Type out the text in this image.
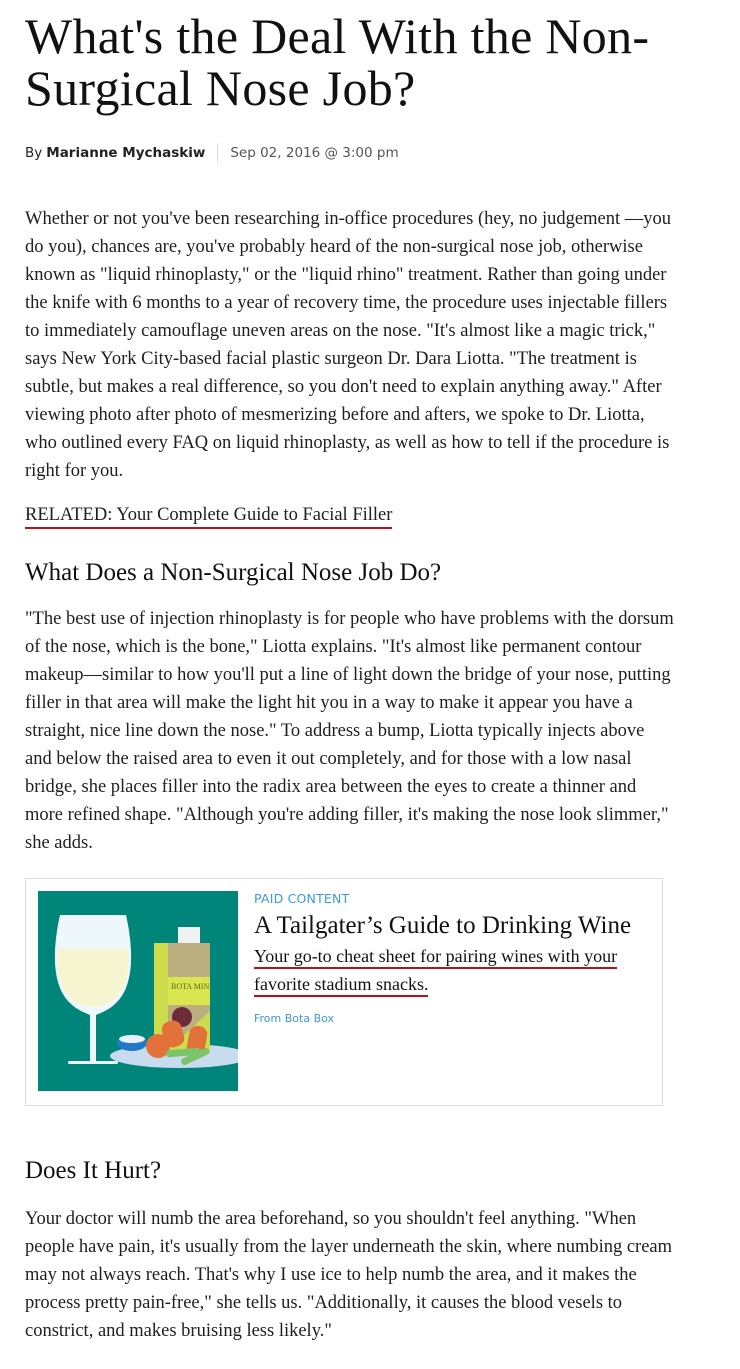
What's the Deal With the Non-Surgical Nose Job?
By Marianne Mychaskiw Sep 02, 2016 @ 3:00 pm

Whether or not you've been researching in-office procedures (hey, no judgement —you do you), chances are, you've probably heard of the non-surgical nose job, otherwise known as "liquid rhinoplasty," or the "liquid rhino" treatment. Rather than going under the knife with 6 months to a year of recovery time, the procedure uses injectable fillers to immediately camouflage uneven areas on the nose. "It's almost like a magic trick," says New York City-based facial plastic surgeon Dr. Dara Liotta. "The treatment is subtle, but makes a real difference, so you don't need to explain anything away." After viewing photo after photo of mesmerizing before and afters, we spoke to Dr. Liotta, who outlined every FAQ on liquid rhinoplasty, as well as how to tell if the procedure is right for you.

RELATED: Your Complete Guide to Facial Filler
What Does a Non-Surgical Nose Job Do?

"The best use of injection rhinoplasty is for people who have problems with the dorsum of the nose, which is the bone," Liotta explains. "It's almost like permanent contour makeup—similar to how you'll put a line of light down the bridge of your nose, putting filler in that area will make the light hit you in a way to make it appear you have a straight, nice line down the nose." To address a bump, Liotta typically injects above and below the raised area to even it out completely, and for those with a low nasal bridge, she places filler into the radix area between the eyes to create a thinner and more refined shape. "Although you're adding filler, it's making the nose look slimmer," she adds.

BOTA MIN
PAID CONTENT
A Tailgater’s Guide to Drinking Wine
Your go-to cheat sheet for pairing wines with your favorite stadium snacks.
From Bota Box
Does It Hurt?

Your doctor will numb the area beforehand, so you shouldn't feel anything. "When people have pain, it's usually from the layer underneath the skin, where numbing cream may not always reach. That's why I use ice to help numb the area, and it makes the process pretty pain-free," she tells us. "Additionally, it causes the blood vesels to constrict, and makes bruising less likely."
